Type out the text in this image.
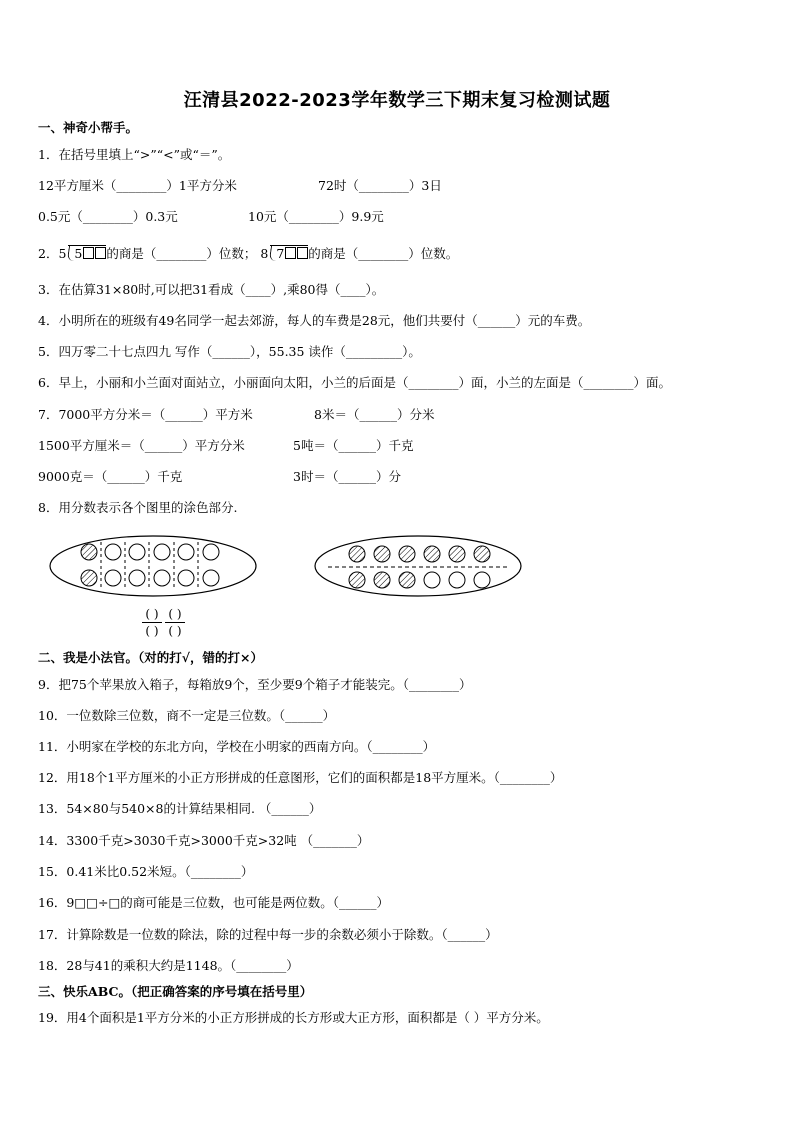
汪清县2022-2023学年数学三下期末复习检测试题
一、神奇小帮手。
1．在括号里填上“>”“<”或“＝”。
12平方厘米（________）1平方分米	72时（________）3日
0.5元（________）0.3元	10元（________）9.9元
2．5 5 的商是（________）位数； 8 7 的商是（________）位数。
3．在估算31×80时,可以把31看成（____）,乘80得（____）。
4．小明所在的班级有49名同学一起去郊游，每人的车费是28元，他们共要付（______）元的车费。
5．四万零二十七点四九 写作（______），55.35 读作（_________）。
6．早上，小丽和小兰面对面站立，小丽面向太阳，小兰的后面是（________）面，小兰的左面是（________）面。
7．7000平方分米＝（______）平方米	8米＝（______）分米
1500平方厘米＝（______）平方分米	5吨＝（______）千克
9000克＝（______）千克	3时＝（______）分
8．用分数表示各个图里的涂色部分.
( )
( )
( )
( )
二、我是小法官。（对的打√，错的打×）
9．把75个苹果放入箱子，每箱放9个，至少要9个箱子才能装完。（________）
10．一位数除三位数，商不一定是三位数。（______）
11．小明家在学校的东北方向，学校在小明家的西南方向。（________）
12．用18个1平方厘米的小正方形拼成的任意图形，它们的面积都是18平方厘米。（________）
13．54×80与540×8的计算结果相同. （______）
14．3300千克>3030千克>3000千克>32吨 （_______）
15．0.41米比0.52米短。（________）
16．9□□÷□的商可能是三位数，也可能是两位数。（______）
17．计算除数是一位数的除法，除的过程中每一步的余数必须小于除数。（______）
18．28与41的乘积大约是1148。（________）
三、快乐ABC。（把正确答案的序号填在括号里）
19．用4个面积是1平方分米的小正方形拼成的长方形或大正方形，面积都是（ ）平方分米。
